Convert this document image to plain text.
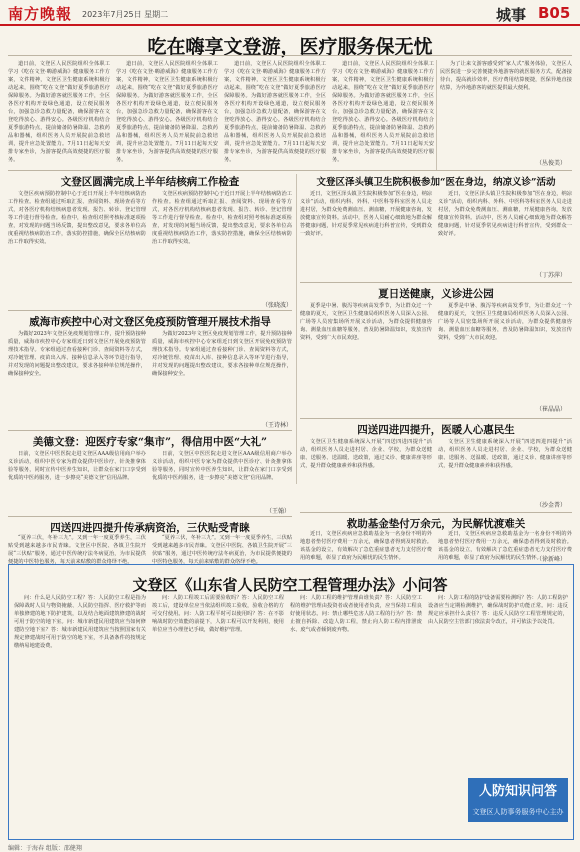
南方晚報 2023年7月25日 星期二	城事 B05
吃在嗨享文登游，医疗服务保无忧

道日前，文登区人民医院组织全体职工学习《吃在文登·嗨游威海》健康服务工作方案，文件精神，文登区卫生健康系统积极行动起来，围绕“吃在文登”做好夏季旅游医疗保障服务。为做好游客就医服务工作，全区各医疗机构开设绿色通道，设立便民服务台，加强急诊急救力量配备，确保游客在文登吃得放心、游得安心。各级医疗机构结合夏季旅游特点，提前储备防暑降温、急救药品和器械，组织医务人员开展院前急救培训，提升应急处置能力。7月11日起每天安排专家坐诊，为游客提供高效便捷的医疗服务。

道日前，文登区人民医院组织全体职工学习《吃在文登·嗨游威海》健康服务工作方案，文件精神，文登区卫生健康系统积极行动起来，围绕“吃在文登”做好夏季旅游医疗保障服务。为做好游客就医服务工作，全区各医疗机构开设绿色通道，设立便民服务台，加强急诊急救力量配备，确保游客在文登吃得放心、游得安心。各级医疗机构结合夏季旅游特点，提前储备防暑降温、急救药品和器械，组织医务人员开展院前急救培训，提升应急处置能力。7月11日起每天安排专家坐诊，为游客提供高效便捷的医疗服务。

道日前，文登区人民医院组织全体职工学习《吃在文登·嗨游威海》健康服务工作方案，文件精神，文登区卫生健康系统积极行动起来，围绕“吃在文登”做好夏季旅游医疗保障服务。为做好游客就医服务工作，全区各医疗机构开设绿色通道，设立便民服务台，加强急诊急救力量配备，确保游客在文登吃得放心、游得安心。各级医疗机构结合夏季旅游特点，提前储备防暑降温、急救药品和器械，组织医务人员开展院前急救培训，提升应急处置能力。7月11日起每天安排专家坐诊，为游客提供高效便捷的医疗服务。

道日前，文登区人民医院组织全体职工学习《吃在文登·嗨游威海》健康服务工作方案，文件精神，文登区卫生健康系统积极行动起来，围绕“吃在文登”做好夏季旅游医疗保障服务。为做好游客就医服务工作，全区各医疗机构开设绿色通道，设立便民服务台，加强急诊急救力量配备，确保游客在文登吃得放心、游得安心。各级医疗机构结合夏季旅游特点，提前储备防暑降温、急救药品和器械，组织医务人员开展院前急救培训，提升应急处置能力。7月11日起每天安排专家坐诊，为游客提供高效便捷的医疗服务。

为了让来文游客感受到“家人式”服务体验，文登区人民医院进一步完善便捷外地游客的就医服务方式，配备接待台，提高就诊效率，医疗费用结算便捷，医保异地直接结算，为外地游客的就医提供最大便利。

（丛俊美）
文登区圆满完成上半年结核病工作检查

文登区疾病预防控制中心于近日开展上半年结核病防治工作检查。检查组通过听取汇报、查阅资料、现场查看等方式，对各医疗机构结核病患者发现、报告、转诊、登记管理等工作进行督导检查。检查中，检查组对照考核标准逐项检查，对发现的问题当场反馈，提出整改意见，要求各单位高度重视结核病防治工作，落实防控措施，确保全区结核病防治工作取得实效。

文登区疾病预防控制中心于近日开展上半年结核病防治工作检查。检查组通过听取汇报、查阅资料、现场查看等方式，对各医疗机构结核病患者发现、报告、转诊、登记管理等工作进行督导检查。检查中，检查组对照考核标准逐项检查，对发现的问题当场反馈，提出整改意见，要求各单位高度重视结核病防治工作，落实防控措施，确保全区结核病防治工作取得实效。

（张晓波）
文登区泽头镇卫生院积极参加“医在身边，纳凉义诊”活动

近日，文登区泽头镇卫生院积极参加“医在身边，纳凉义诊”活动，组织内科、外科、中医科等科室医务人员走进村居，为群众免费测血压、测血糖，开展健康咨询，发放健康宣传资料。活动中，医务人员耐心细致地为群众解答健康问题，针对夏季常见疾病进行科普宣传，受到群众一致好评。

近日，文登区泽头镇卫生院积极参加“医在身边，纳凉义诊”活动，组织内科、外科、中医科等科室医务人员走进村居，为群众免费测血压、测血糖，开展健康咨询，发放健康宣传资料。活动中，医务人员耐心细致地为群众解答健康问题，针对夏季常见疾病进行科普宣传，受到群众一致好评。

（丁苏萍）
威海市疾控中心对文登区免疫预防管理开展技术指导

为做好2023年文登区免疫规划管理工作，提升预防接种质量，威海市疾控中心专家组近日到文登区开展免疫预防管理技术指导。专家组通过查看接种门诊、查阅资料等方式，对冷链管理、疫苗出入库、接种信息录入等环节进行指导，并对发现的问题提出整改建议，要求各接种单位规范操作，确保接种安全。

为做好2023年文登区免疫规划管理工作，提升预防接种质量，威海市疾控中心专家组近日到文登区开展免疫预防管理技术指导。专家组通过查看接种门诊、查阅资料等方式，对冷链管理、疫苗出入库、接种信息录入等环节进行指导，并对发现的问题提出整改建议，要求各接种单位规范操作，确保接种安全。

（王诗林）
夏日送健康，义诊进公园

夏季是中暑、腹泻等疾病高发季节，为让群众过一个健康的夏天，文登区卫生健康局组织医务人员深入公园、广场等人员密集场所开展义诊活动，为群众提供健康咨询、测量血压血糖等服务，普及防暑降温知识，发放宣传资料，受到广大市民欢迎。

夏季是中暑、腹泻等疾病高发季节，为让群众过一个健康的夏天，文登区卫生健康局组织医务人员深入公园、广场等人员密集场所开展义诊活动，为群众提供健康咨询、测量血压血糖等服务，普及防暑降温知识，发放宣传资料，受到广大市民欢迎。

（崔晶晶）
美德文登：迎医疗专家“集市”，得信用中医“大礼”

日前，文登区中医医院走进文登区AAA级信用商户举办义诊活动，组织中医专家为群众提供中医诊疗、针灸推拿体验等服务，同时宣传中医养生知识，让群众在家门口享受到优质的中医药服务，进一步擦亮“美德文登”信用品牌。

日前，文登区中医医院走进文登区AAA级信用商户举办义诊活动，组织中医专家为群众提供中医诊疗、针灸推拿体验等服务，同时宣传中医养生知识，让群众在家门口享受到优质的中医药服务，进一步擦亮“美德文登”信用品牌。

（王翰）
四送四进四提升，医暖人心惠民生

文登区卫生健康系统深入开展“四送四进四提升”活动，组织医务人员走进村居、企业、学校，为群众送健康、送服务、送温暖、送政策，通过义诊、健康讲座等形式，提升群众健康素养和获得感。

文登区卫生健康系统深入开展“四送四进四提升”活动，组织医务人员走进村居、企业、学校，为群众送健康、送服务、送温暖、送政策，通过义诊、健康讲座等形式，提升群众健康素养和获得感。

（沙金普）
四送四进四提升传承病资治，三伏贴受青睐

“夏养三伏，冬补三九”。又到一年一度夏季养生，三伏贴受到越来越多市民青睐。文登区中医院、各镇卫生院开展“三伏贴”服务，通过中医传统疗法冬病夏治，为市民提供便捷的中医特色服务，每天前来贴敷的群众络绎不绝。

“夏养三伏，冬补三九”。又到一年一度夏季养生，三伏贴受到越来越多市民青睐。文登区中医院、各镇卫生院开展“三伏贴”服务，通过中医传统疗法冬病夏治，为市民提供便捷的中医特色服务，每天前来贴敷的群众络绎不绝。

救助基金垫付万余元，为民解忧渡难关

近日，文登区疾病应急救助基金为一名身份不明的外地患者垫付医疗费用一万余元，确保患者得到及时救治。该基金的设立，有效解决了急危重症患者无力支付医疗费用的难题，彰显了政府为民解忧的民生情怀。

近日，文登区疾病应急救助基金为一名身份不明的外地患者垫付医疗费用一万余元，确保患者得到及时救治。该基金的设立，有效解决了急危重症患者无力支付医疗费用的难题，彰显了政府为民解忧的民生情怀。

（徐新峰）
文登区《山东省人民防空工程管理办法》小问答

问：什么是人民防空工程？答：人民防空工程是指为保障战时人员与物资掩蔽、人民防空指挥、医疗救护等而单独修建的地下防护建筑，以及结合地面建筑修建的战时可用于防空的地下室。问：城市新建民用建筑应当如何修建防空地下室？答：城市新建民用建筑应当按照国家有关规定修建战时可用于防空的地下室，不具备条件的按规定缴纳易地建设费。

问：人防工程竣工后需要验收吗？答：人民防空工程竣工后，建设单位应当依法组织竣工验收，验收合格的方可交付使用。问：人防工程平时可以使用吗？答：在不影响战时防空效能的前提下，人防工程可以开发利用，使用单位应当办理登记手续，做好维护管理。

问：人防工程的维护管理由谁负责？答：人民防空工程的维护管理由投资者或者使用者负责，应当保持工程良好使用状态。问：禁止哪些危害人防工程的行为？答：禁止擅自拆除、改造人防工程，禁止向人防工程内排泄废水、废气或者倾倒废弃物。

问：人防工程的防护设备需要检测吗？答：人防工程防护设备应当定期检测维护，确保战时防护功能正常。问：违反规定应承担什么责任？答：违反人民防空工程管理规定的，由人民防空主管部门依法责令改正，并可依法予以处罚。

人防知识问答
文登区人防事务服务中心主办
编辑：于海春 组版：邵健翔
